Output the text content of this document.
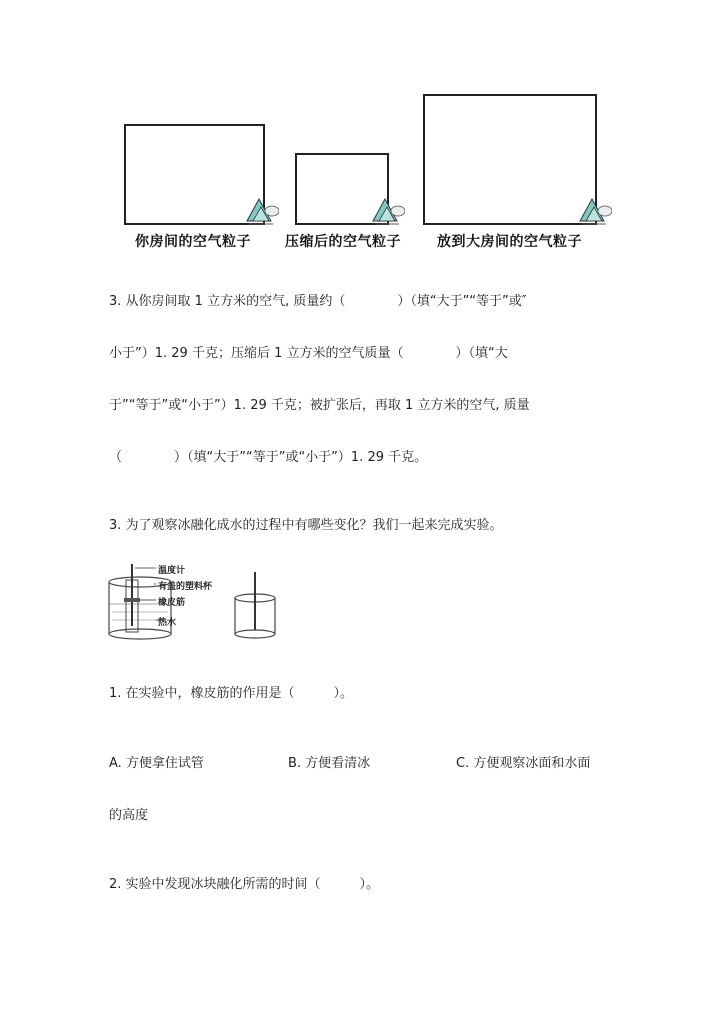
你房间的空气粒子 压缩后的空气粒子	放到大房间的空气粒子
3. 从你房间取 1 立方米的空气, 质量约（　　　　）（填“大于”“等于”或″
小于”）1. 29 千克；压缩后 1 立方米的空气质量（　　　　）（填“大
于”“等于”或“小于”）1. 29 千克；被扩张后，再取 1 立方米的空气, 质量
（　　　　）（填“大于”“等于”或“小于”）1. 29 千克。
3. 为了观察冰融化成水的过程中有哪些变化？我们一起来完成实验。
温度计
有盖的塑料杯
橡皮筋
热水
1. 在实验中，橡皮筋的作用是（　　　）。
A. 方便拿住试管	B. 方便看清冰	C. 方便观察冰面和水面
的高度
2. 实验中发现冰块融化所需的时间（　　　）。
